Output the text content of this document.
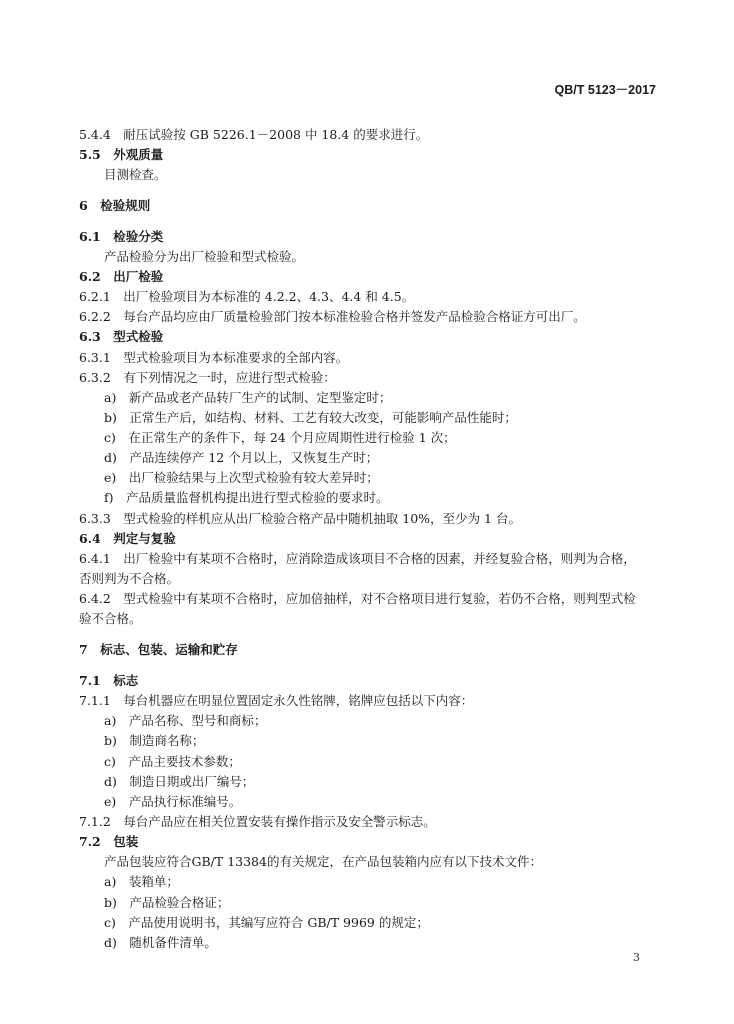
QB/T 5123－2017
5.4.4　耐压试验按 GB 5226.1－2008 中 18.4 的要求进行。
5.5　外观质量
目测检查。
6　检验规则
6.1　检验分类
产品检验分为出厂检验和型式检验。
6.2　出厂检验
6.2.1　出厂检验项目为本标准的 4.2.2、4.3、4.4 和 4.5。
6.2.2　每台产品均应由厂质量检验部门按本标准检验合格并签发产品检验合格证方可出厂。
6.3　型式检验
6.3.1　型式检验项目为本标准要求的全部内容。
6.3.2　有下列情况之一时，应进行型式检验：
a)　新产品或老产品转厂生产的试制、定型鉴定时；
b)　正常生产后，如结构、材料、工艺有较大改变，可能影响产品性能时；
c)　在正常生产的条件下，每 24 个月应周期性进行检验 1 次；
d)　产品连续停产 12 个月以上，又恢复生产时；
e)　出厂检验结果与上次型式检验有较大差异时；
f)　产品质量监督机构提出进行型式检验的要求时。
6.3.3　型式检验的样机应从出厂检验合格产品中随机抽取 10%，至少为 1 台。
6.4　判定与复验
6.4.1　出厂检验中有某项不合格时，应消除造成该项目不合格的因素，并经复验合格，则判为合格，
否则判为不合格。
6.4.2　型式检验中有某项不合格时，应加倍抽样，对不合格项目进行复验，若仍不合格，则判型式检
验不合格。
7　标志、包装、运输和贮存
7.1　标志
7.1.1　每台机器应在明显位置固定永久性铭牌，铭牌应包括以下内容：
a)　产品名称、型号和商标；
b)　制造商名称；
c)　产品主要技术参数；
d)　制造日期或出厂编号；
e)　产品执行标准编号。
7.1.2　每台产品应在相关位置安装有操作指示及安全警示标志。
7.2　包装
产品包装应符合GB/T 13384的有关规定，在产品包装箱内应有以下技术文件：
a)　装箱单；
b)　产品检验合格证；
c)　产品使用说明书，其编写应符合 GB/T 9969 的规定；
d)　随机备件清单。
3
